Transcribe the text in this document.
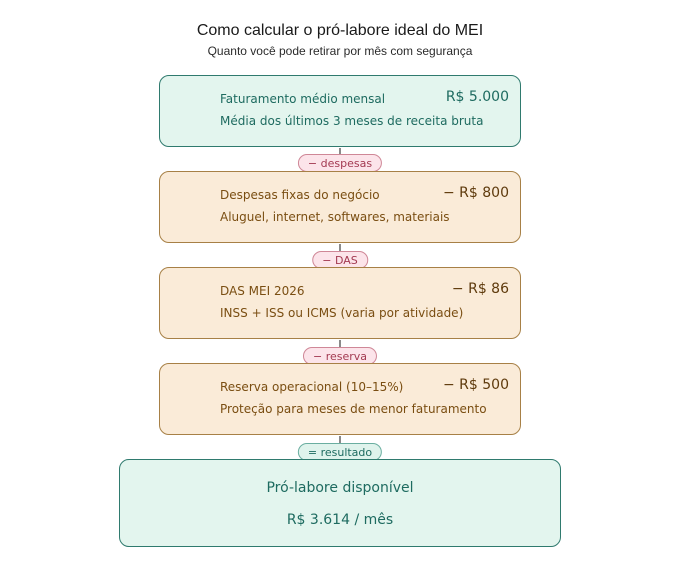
Como calcular o pró-labore ideal do MEI
Quanto você pode retirar por mês com segurança
Faturamento médio mensal	R$ 5.000
Média dos últimos 3 meses de receita bruta
− despesas
Despesas fixas do negócio	− R$ 800
Aluguel, internet, softwares, materiais
− DAS
DAS MEI 2026	− R$ 86
INSS + ISS ou ICMS (varia por atividade)
− reserva
Reserva operacional (10–15%)	− R$ 500
Proteção para meses de menor faturamento
= resultado
Pró-labore disponível
R$ 3.614 / mês
